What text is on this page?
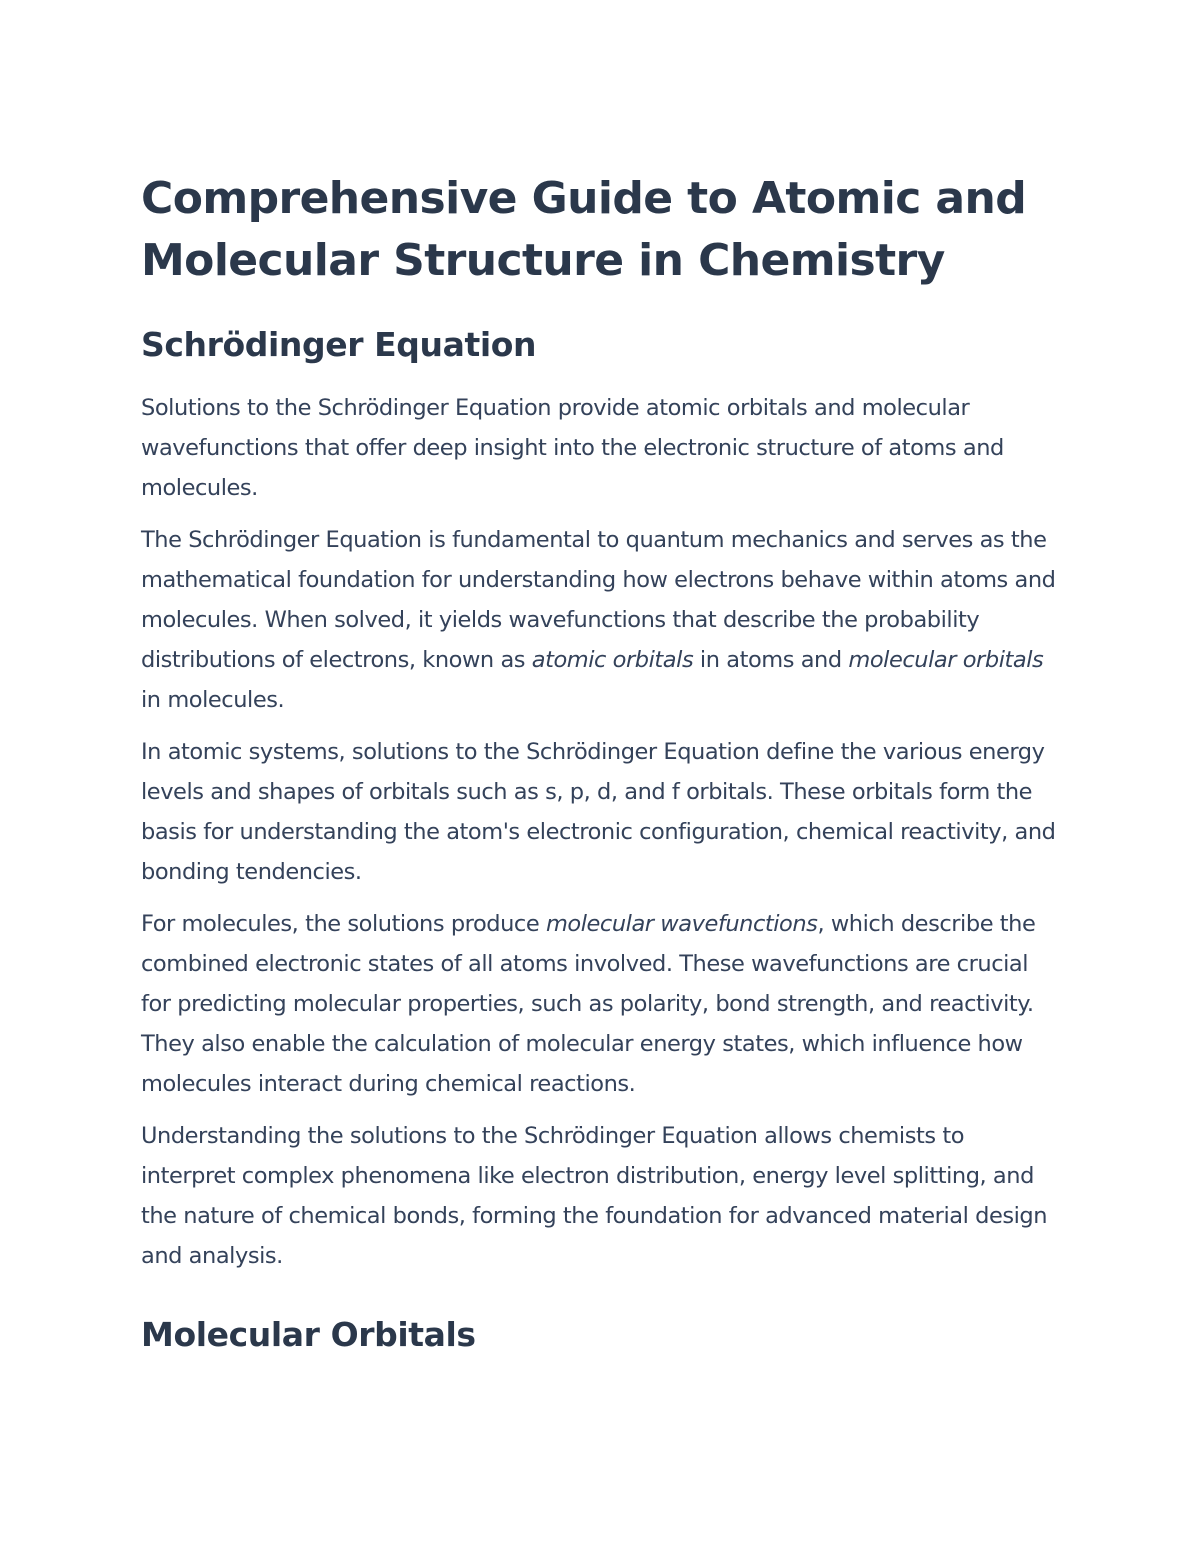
Comprehensive Guide to Atomic and Molecular Structure in Chemistry
Schrödinger Equation

Solutions to the Schrödinger Equation provide atomic orbitals and molecular wavefunctions that offer deep insight into the electronic structure of atoms and molecules.

The Schrödinger Equation is fundamental to quantum mechanics and serves as the mathematical foundation for understanding how electrons behave within atoms and molecules. When solved, it yields wavefunctions that describe the probability distributions of electrons, known as atomic orbitals in atoms and molecular orbitals in molecules.

In atomic systems, solutions to the Schrödinger Equation define the various energy levels and shapes of orbitals such as s, p, d, and f orbitals. These orbitals form the basis for understanding the atom's electronic configuration, chemical reactivity, and bonding tendencies.

For molecules, the solutions produce molecular wavefunctions, which describe the combined electronic states of all atoms involved. These wavefunctions are crucial for predicting molecular properties, such as polarity, bond strength, and reactivity. They also enable the calculation of molecular energy states, which influence how molecules interact during chemical reactions.

Understanding the solutions to the Schrödinger Equation allows chemists to interpret complex phenomena like electron distribution, energy level splitting, and the nature of chemical bonds, forming the foundation for advanced material design and analysis.

Molecular Orbitals
